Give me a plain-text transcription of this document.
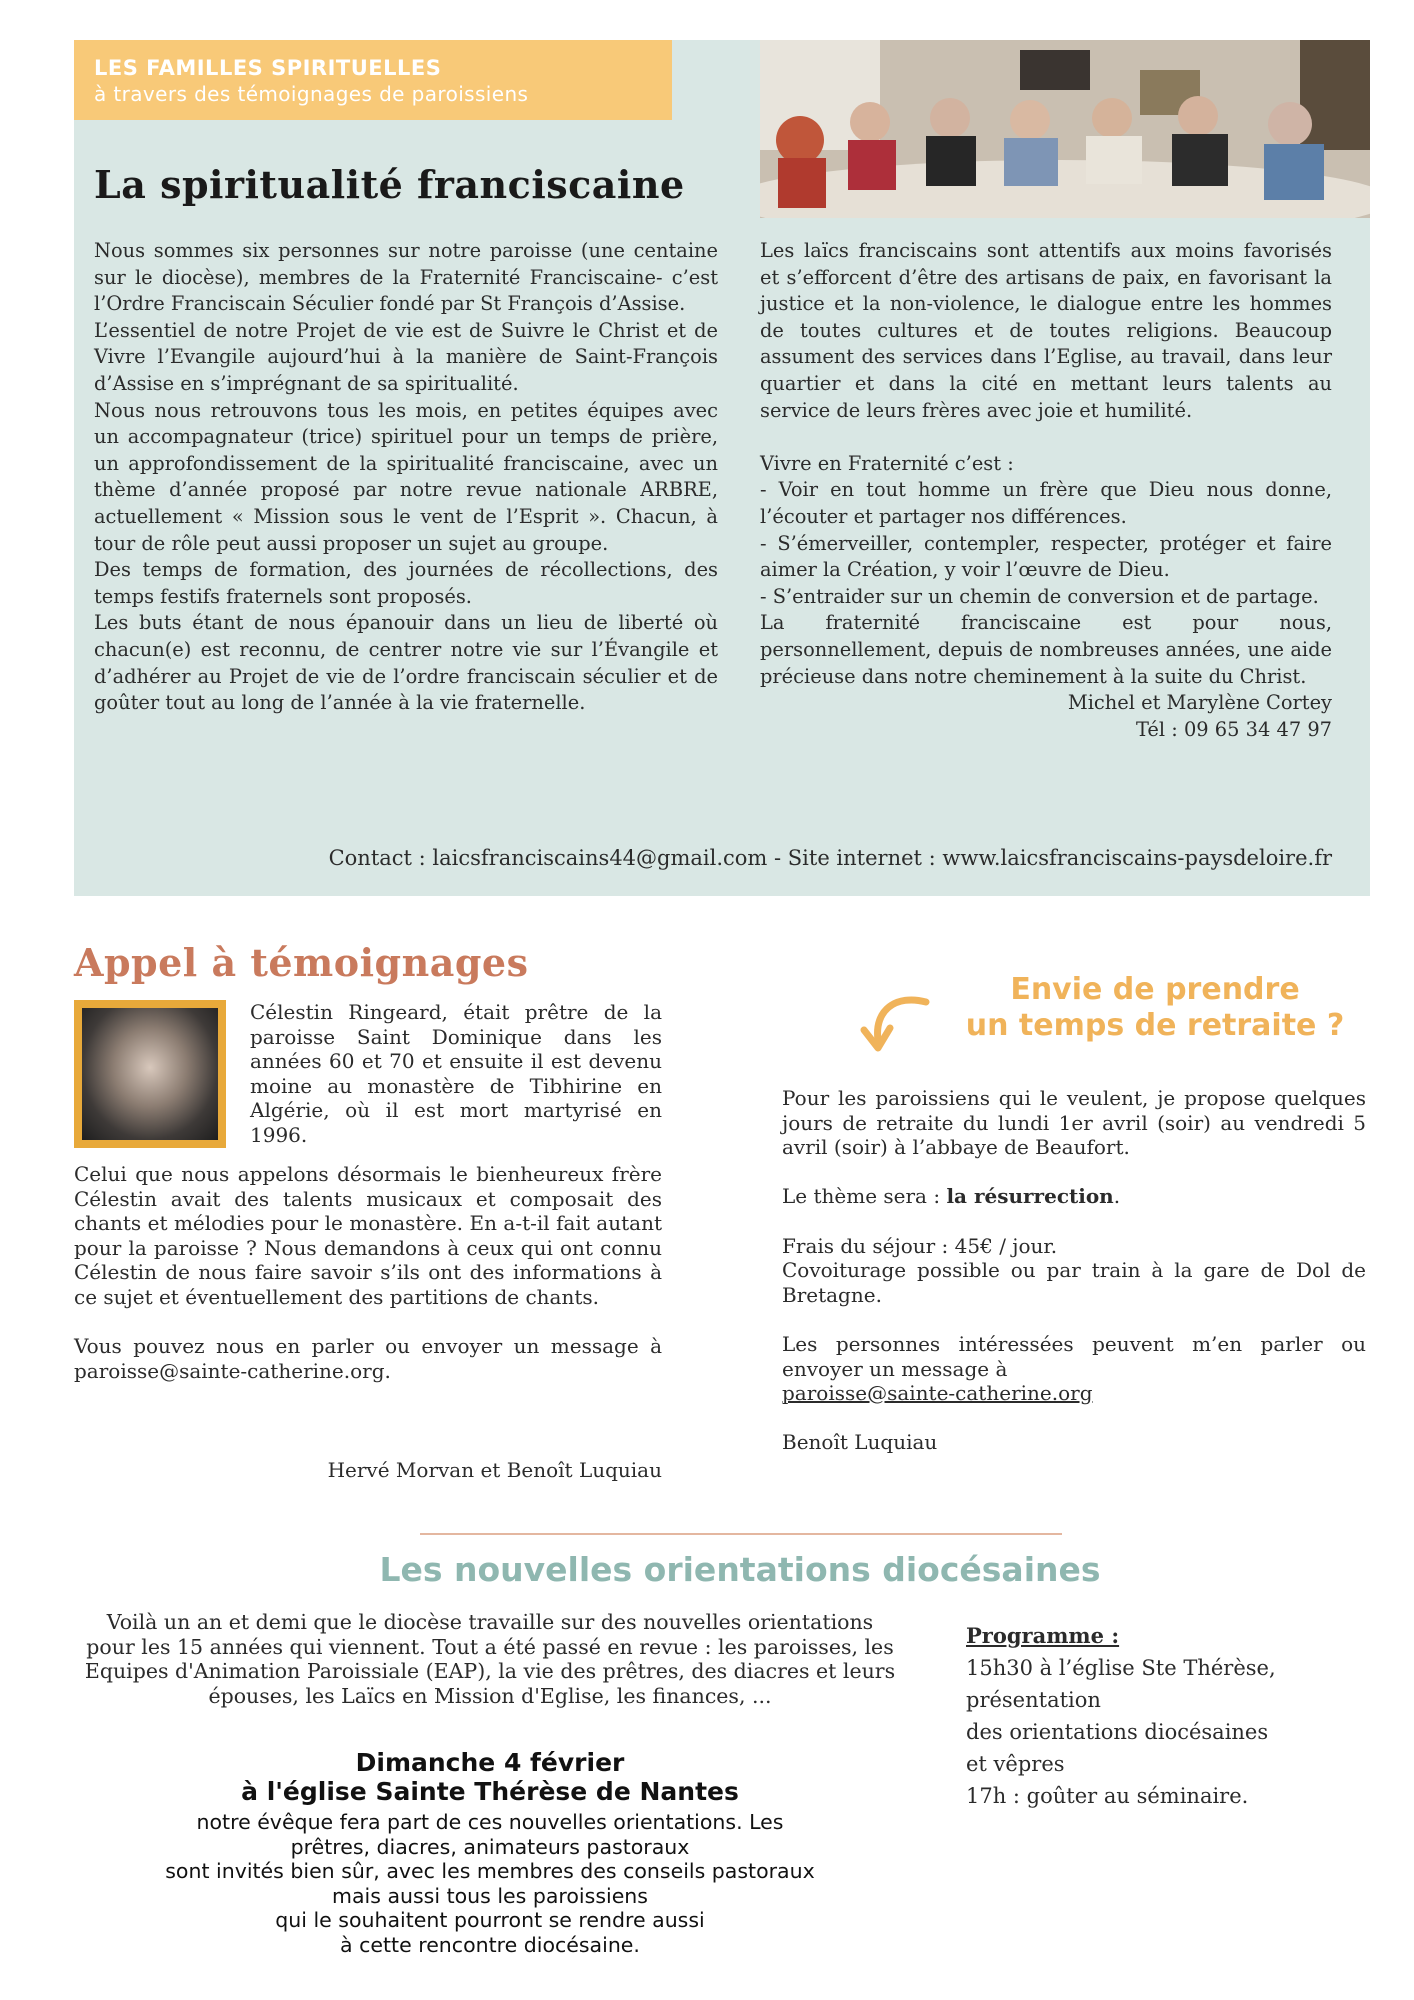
LES FAMILLES SPIRITUELLES
à travers des témoignages de paroissiens
La spiritualité franciscaine

Nous sommes six personnes sur notre paroisse (une centaine sur le diocèse), membres de la Fraternité Franciscaine- c’est l’Ordre Franciscain Séculier fondé par St François d’Assise.

L’essentiel de notre Projet de vie est de Suivre le Christ et de Vivre l’Evangile aujourd’hui à la manière de Saint-François d’Assise en s’imprégnant de sa spiritualité.

Nous nous retrouvons tous les mois, en petites équipes avec un accompagnateur (trice) spirituel pour un temps de prière, un approfondissement de la spiritualité franciscaine, avec un thème d’année proposé par notre revue nationale ARBRE, actuellement « Mission sous le vent de l’Esprit ». Chacun, à tour de rôle peut aussi proposer un sujet au groupe.

Des temps de formation, des journées de récollections, des temps festifs fraternels sont proposés.

Les buts étant de nous épanouir dans un lieu de liberté où chacun(e) est reconnu, de centrer notre vie sur l’Évangile et d’adhérer au Projet de vie de l’ordre franciscain séculier et de goûter tout au long de l’année à la vie fraternelle.

Les laïcs franciscains sont attentifs aux moins favorisés et s’efforcent d’être des artisans de paix, en favorisant la justice et la non-violence, le dialogue entre les hommes de toutes cultures et de toutes religions. Beaucoup assument des services dans l’Eglise, au travail, dans leur quartier et dans la cité en mettant leurs talents au service de leurs frères avec joie et humilité.

Vivre en Fraternité c’est :

- Voir en tout homme un frère que Dieu nous donne, l’écouter et partager nos différences.

- S’émerveiller, contempler, respecter, protéger et faire aimer la Création, y voir l’œuvre de Dieu.

- S’entraider sur un chemin de conversion et de partage.

La fraternité franciscaine est pour nous, personnellement, depuis de nombreuses années, une aide précieuse dans notre cheminement à la suite du Christ.

Michel et Marylène Cortey

Tél : 09 65 34 47 97

Contact : laicsfranciscains44@gmail.com - Site internet : www.laicsfranciscains-paysdeloire.fr
Appel à témoignages
Célestin Ringeard, était prêtre de la paroisse Saint Dominique dans les années 60 et 70 et ensuite il est devenu moine au monastère de Tibhirine en Algérie, où il est mort martyrisé en 1996.

Celui que nous appelons désormais le bienheureux frère Célestin avait des talents musicaux et composait des chants et mélodies pour le monastère. En a-t-il fait autant pour la paroisse ? Nous demandons à ceux qui ont connu Célestin de nous faire savoir s’ils ont des informations à ce sujet et éventuellement des partitions de chants.

Vous pouvez nous en parler ou envoyer un message à paroisse@sainte-catherine.org.

Hervé Morvan et Benoît Luquiau
Envie de prendre
un temps de retraite ?

Pour les paroissiens qui le veulent, je propose quelques jours de retraite du lundi 1er avril (soir) au vendredi 5 avril (soir) à l’abbaye de Beaufort.

Le thème sera : la résurrection.

Frais du séjour : 45€ / jour.

Covoiturage possible ou par train à la gare de Dol de Bretagne.

Les personnes intéressées peuvent m’en parler ou envoyer un message à

paroisse@sainte-catherine.org

Benoît Luquiau

Les nouvelles orientations diocésaines
Voilà un an et demi que le diocèse travaille sur des nouvelles orientations pour les 15 années qui viennent. Tout a été passé en revue : les paroisses, les Equipes d'Animation Paroissiale (EAP), la vie des prêtres, des diacres et leurs épouses, les Laïcs en Mission d'Eglise, les finances, ...
Dimanche 4 février
à l'église Sainte Thérèse de Nantes
notre évêque fera part de ces nouvelles orientations. Les
prêtres, diacres, animateurs pastoraux
sont invités bien sûr, avec les membres des conseils pastoraux
mais aussi tous les paroissiens
qui le souhaitent pourront se rendre aussi
à cette rencontre diocésaine.
Programme :
15h30 à l’église Ste Thérèse,
présentation
des orientations diocésaines
et vêpres
17h : goûter au séminaire.
